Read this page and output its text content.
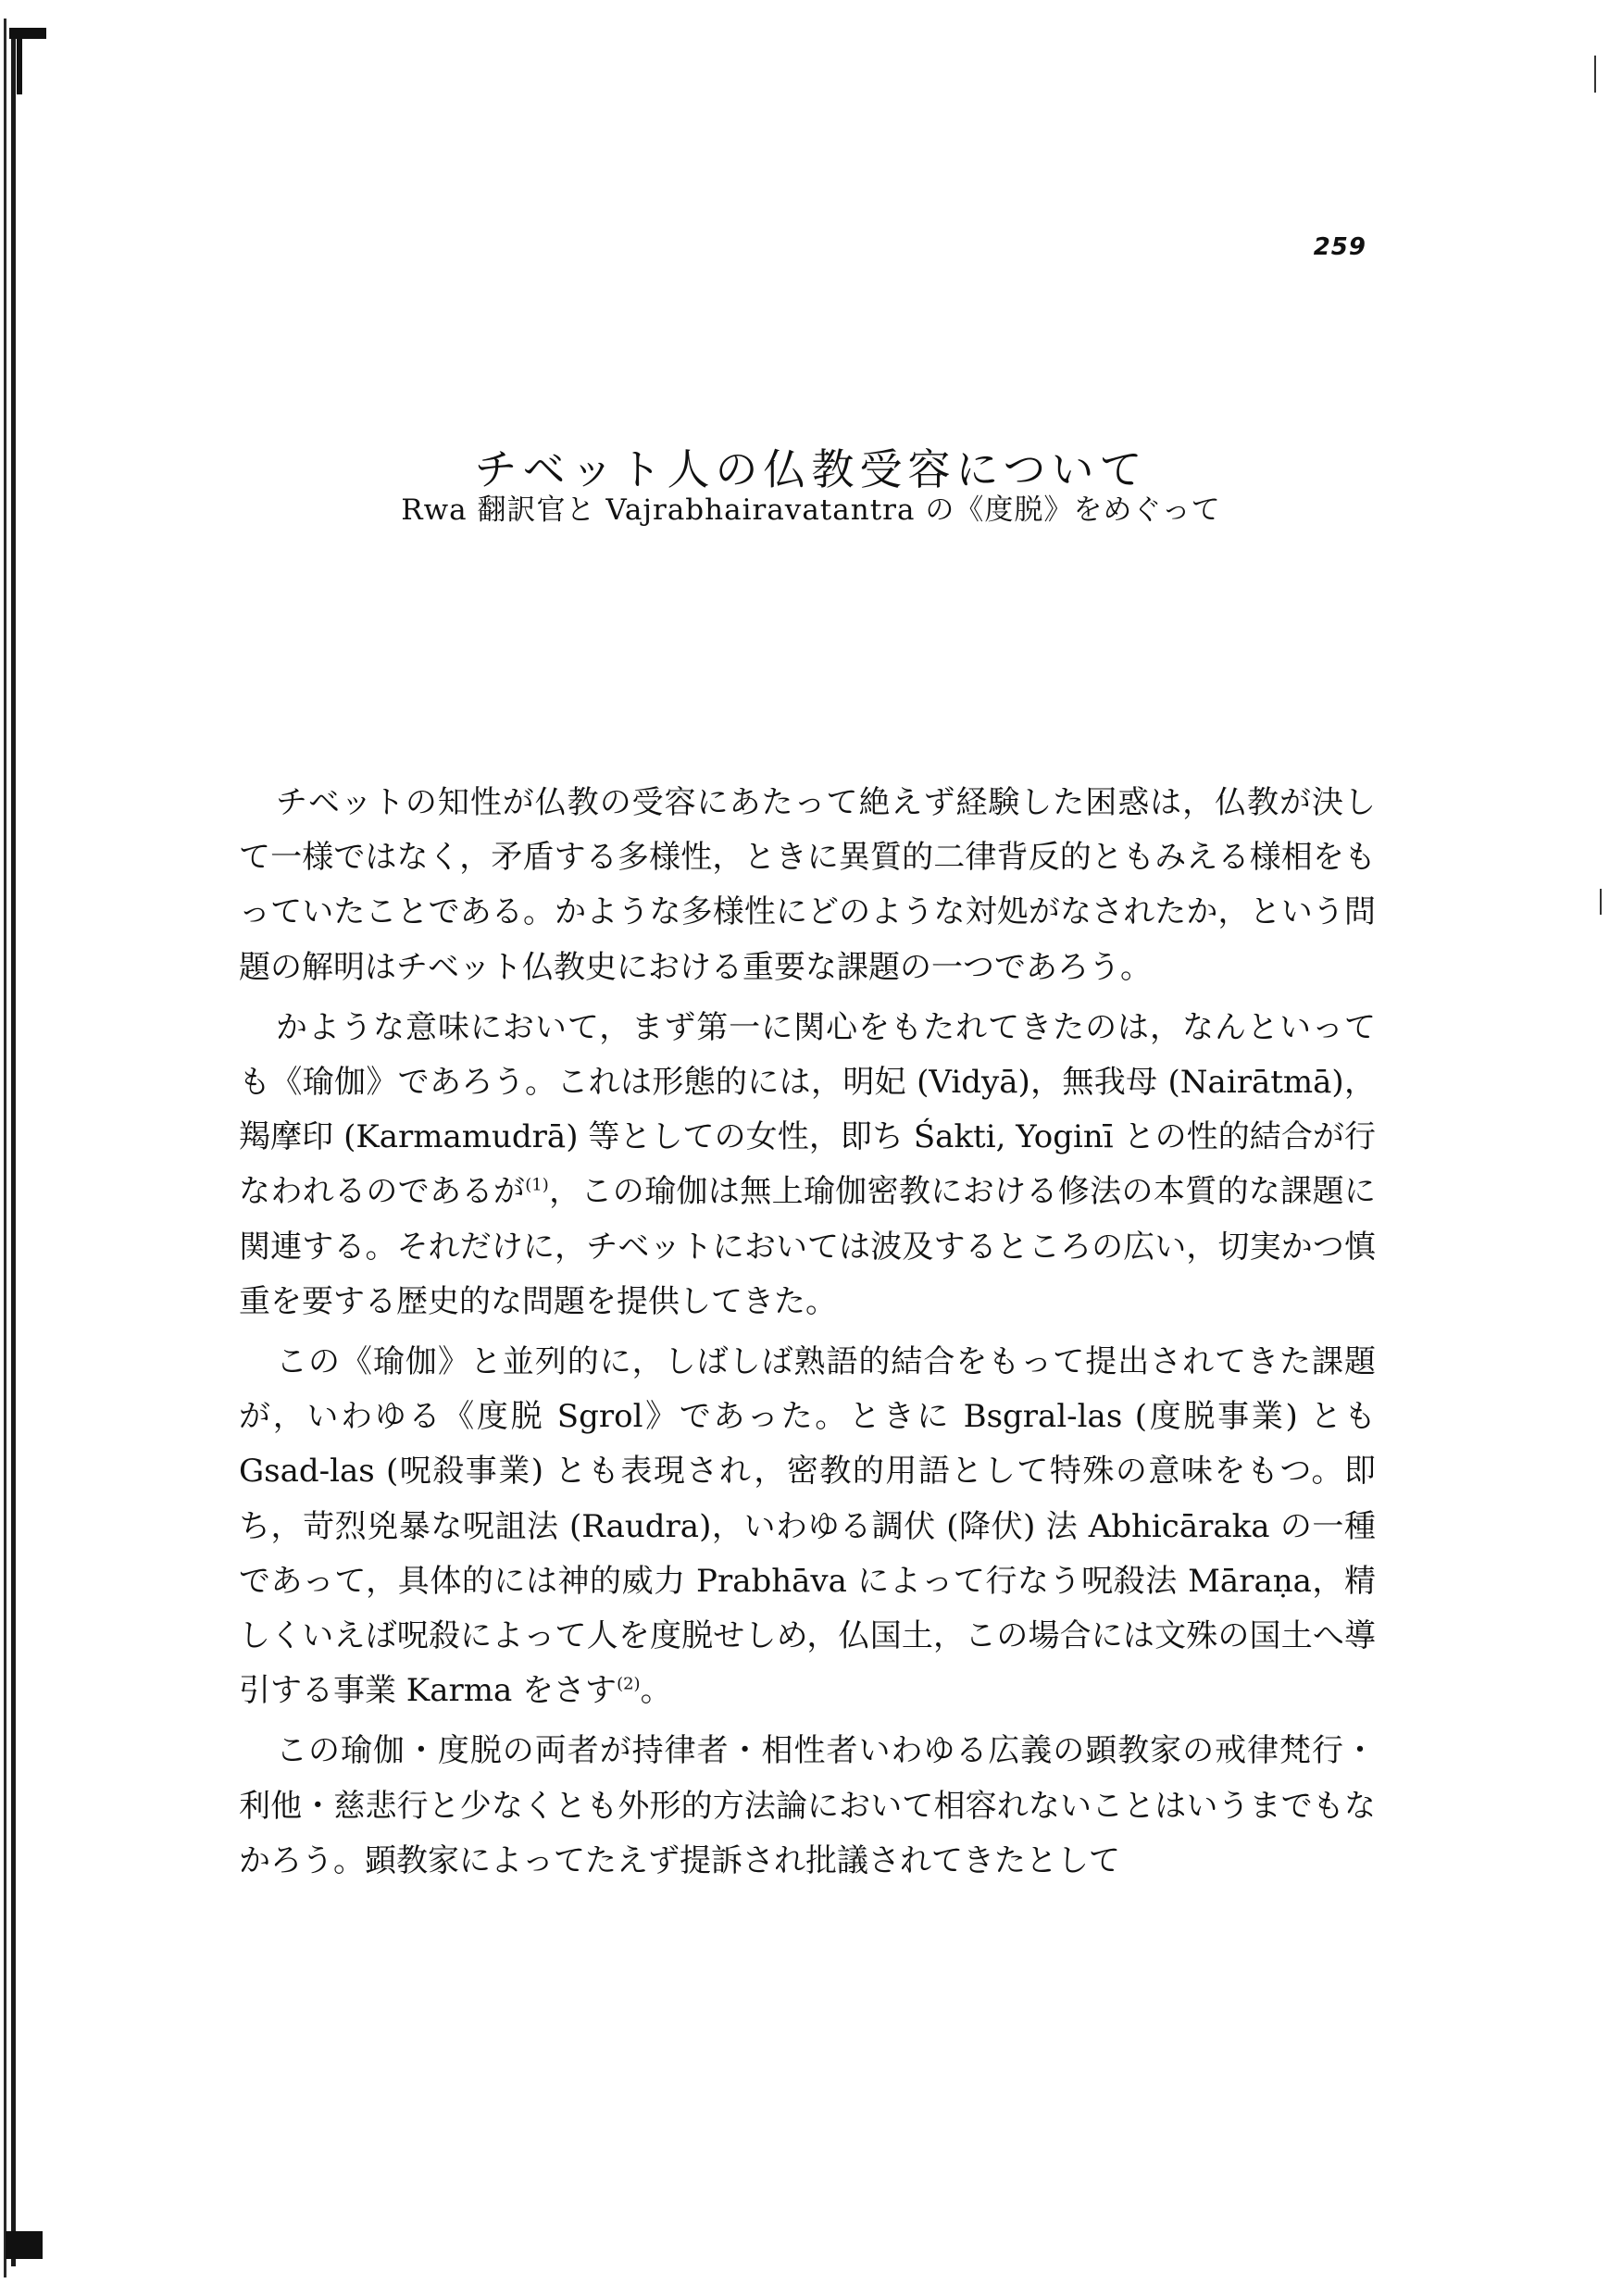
259
チベット人の仏教受容について
Rwa 翻訳官と Vajrabhairavatantra の《度脱》をめぐって

チベットの知性が仏教の受容にあたって絶えず経験した困惑は，仏教が決して一様ではなく，矛盾する多様性，ときに異質的二律背反的ともみえる様相をもっていたことである。かような多様性にどのような対処がなされたか，という問題の解明はチベット仏教史における重要な課題の一つであろう。

かような意味において，まず第一に関心をもたれてきたのは，なんといっても《瑜伽》であろう。これは形態的には，明妃 (Vidyā)，無我母 (Nairātmā)，羯摩印 (Karmamudrā) 等としての女性，即ち Śakti, Yoginī との性的結合が行なわれるのであるが$^{(1)}$，この瑜伽は無上瑜伽密教における修法の本質的な課題に関連する。それだけに，チベットにおいては波及するところの広い，切実かつ慎重を要する歴史的な問題を提供してきた。

この《瑜伽》と並列的に，しばしば熟語的結合をもって提出されてきた課題が，いわゆる《度脱 Sgrol》であった。ときに Bsgral-las (度脱事業) とも Gsad-las (呪殺事業) とも表現され，密教的用語として特殊の意味をもつ。即ち，苛烈兇暴な呪詛法 (Raudra)，いわゆる調伏 (降伏) 法 Abhicāraka の一種であって，具体的には神的威力 Prabhāva によって行なう呪殺法 Māraṇa，精しくいえば呪殺によって人を度脱せしめ，仏国土，この場合には文殊の国土へ導引する事業 Karma をさす$^{(2)}$。

この瑜伽・度脱の両者が持律者・相性者いわゆる広義の顕教家の戒律梵行・利他・慈悲行と少なくとも外形的方法論において相容れないことはいうまでもなかろう。顕教家によってたえず提訴され批議されてきたとして
